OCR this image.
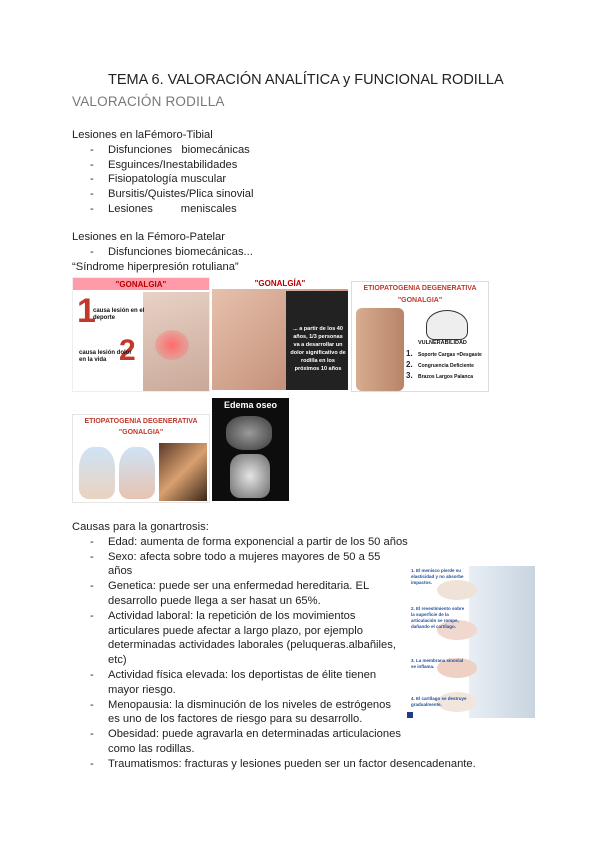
TEMA 6. VALORACIÓN ANALÍTICA y FUNCIONAL RODILLA
VALORACIÓN RODILLA
Lesiones en laFémoro-Tibial
- Disfunciones   biomecánicas
- Esguinces/Inestabilidades
- Fisiopatología muscular
- Bursitis/Quistes/Plica sinovial
- Lesiones         meniscales
Lesiones en la Fémoro-Patelar
- Disfunciones biomecánicas...
“Síndrome hiperpresión rotuliana”
"GONALGIA"
1
causa lesión en el deporte
2
causa lesión dolor en la vida
"GONALGÍA"
... a partir de los 40 años, 1/3 personas va a desarrollar un dolor significativo de rodilla en los próximos 10 años
ETIOPATOGENIA DEGENERATIVA
"GONALGIA"
VULNERABILIDAD
1.
2.
3.
Soporte Cargas =Desgaste
Congruencia Deficiente
Brazos Largos Palanca
ETIOPATOGENIA DEGENERATIVA
"GONALGIA"
Edema oseo
1. El menisco pierde su elasticidad y no absorbe impactos.
2. El revestimiento sobre la superficie de la articulación se rompe, dañando el cartílago.
3. La membrana sinovial se inflama.
4. El cartílago se destruye gradualmente.
Causas para la gonartrosis:
- Edad: aumenta de forma exponencial a partir de los 50 años
- Sexo: afecta sobre todo a mujeres mayores de 50 a 55
años
- Genetica: puede ser una enfermedad hereditaria. EL
desarrollo puede llega a ser hasat un 65%.
- Actividad laboral: la repetición de los movimientos
articulares puede afectar a largo plazo, por ejemplo
determinadas actividades laborales (peluqueras.albañiles,
etc)
- Actividad física elevada: los deportistas de élite tienen
mayor riesgo.
- Menopausia: la disminución de los niveles de estrógenos
es uno de los factores de riesgo para su desarrollo.
- Obesidad: puede agravarla en determinadas articulaciones
como las rodillas.
- Traumatismos: fracturas y lesiones pueden ser un factor desencadenante.
